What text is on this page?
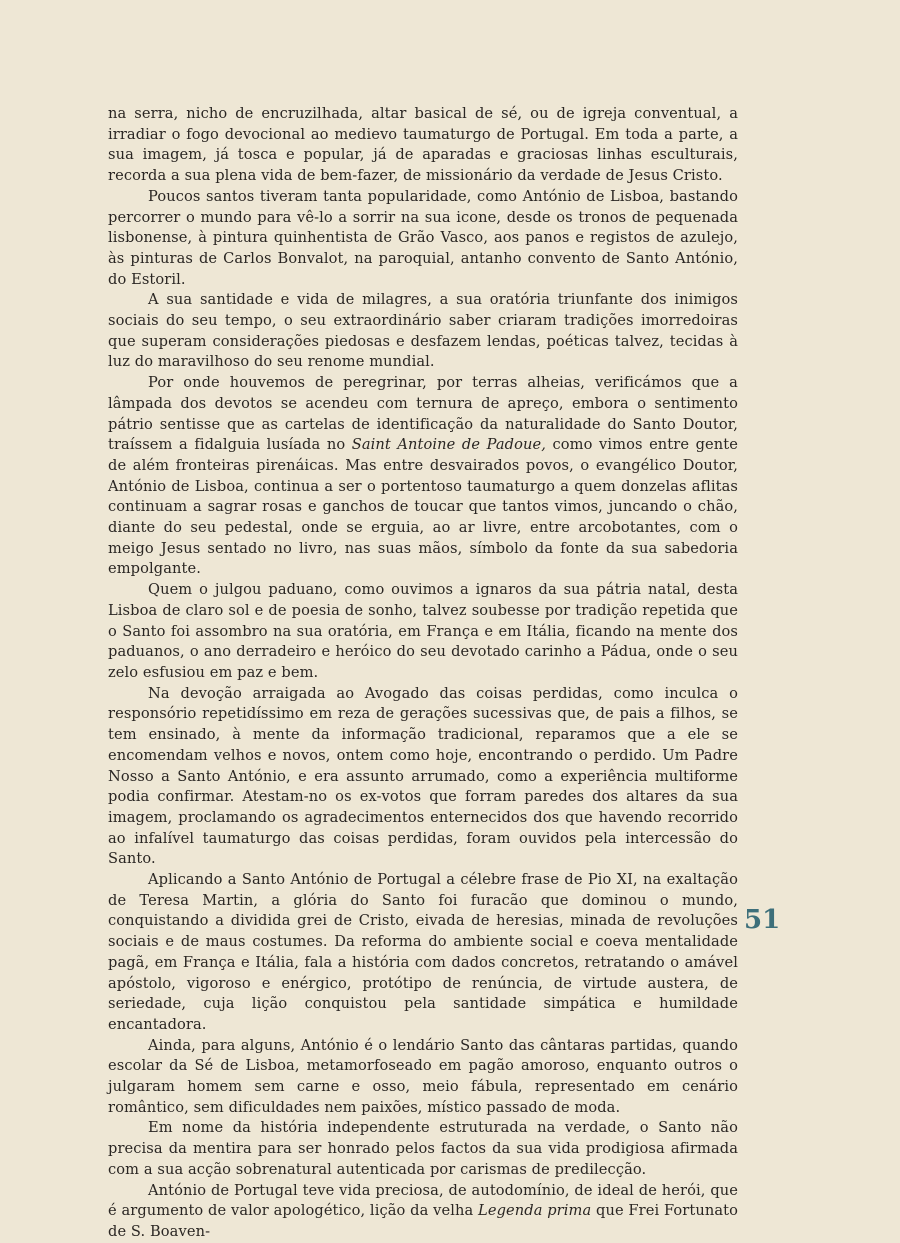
na serra, nicho de encruzilhada, altar basical de sé, ou de igreja conventual, a irradiar o fogo devocional ao medievo taumaturgo de Portugal. Em toda a parte, a sua imagem, já tosca e popular, já de aparadas e graciosas linhas esculturais, recorda a sua plena vida de bem-fazer, de missionário da verdade de Jesus Cristo.

Poucos santos tiveram tanta popularidade, como António de Lisboa, bastando percorrer o mundo para vê-lo a sorrir na sua icone, desde os tronos de pequenada lisbonense, à pintura quinhentista de Grão Vasco, aos panos e registos de azulejo, às pinturas de Carlos Bonvalot, na paroquial, antanho convento de Santo António, do Estoril.

A sua santidade e vida de milagres, a sua oratória triunfante dos inimigos sociais do seu tempo, o seu extraordinário saber criaram tradições imorredoiras que superam considerações piedosas e desfazem lendas, poéticas talvez, tecidas à luz do maravilhoso do seu renome mundial.

Por onde houvemos de peregrinar, por terras alheias, verificámos que a lâmpada dos devotos se acendeu com ternura de apreço, embora o sentimento pátrio sentisse que as cartelas de identificação da naturalidade do Santo Doutor, traíssem a fidalguia lusíada no Saint Antoine de Padoue, como vimos entre gente de além fronteiras pirenáicas. Mas entre desvairados povos, o evangélico Doutor, António de Lisboa, continua a ser o portentoso taumaturgo a quem donzelas aflitas continuam a sagrar rosas e ganchos de toucar que tantos vimos, juncando o chão, diante do seu pedestal, onde se erguia, ao ar livre, entre arcobotantes, com o meigo Jesus sentado no livro, nas suas mãos, símbolo da fonte da sua sabedoria empolgante.

Quem o julgou paduano, como ouvimos a ignaros da sua pátria natal, desta Lisboa de claro sol e de poesia de sonho, talvez soubesse por tradição repetida que o Santo foi assombro na sua oratória, em França e em Itália, ficando na mente dos paduanos, o ano derradeiro e heróico do seu devotado carinho a Pádua, onde o seu zelo esfusiou em paz e bem.

Na devoção arraigada ao Avogado das coisas perdidas, como inculca o responsório repetidíssimo em reza de gerações sucessivas que, de pais a filhos, se tem ensinado, à mente da informação tradicional, reparamos que a ele se encomendam velhos e novos, ontem como hoje, encontrando o perdido. Um Padre Nosso a Santo António, e era assunto arrumado, como a experiência multiforme podia confirmar. Atestam-no os ex-votos que forram paredes dos altares da sua imagem, proclamando os agradecimentos enternecidos dos que havendo recorrido ao infalível taumaturgo das coisas perdidas, foram ouvidos pela intercessão do Santo.

Aplicando a Santo António de Portugal a célebre frase de Pio XI, na exaltação de Teresa Martin, a glória do Santo foi furacão que dominou o mundo, conquistando a dividida grei de Cristo, eivada de heresias, minada de revoluções sociais e de maus costumes. Da reforma do ambiente social e coeva mentalidade pagã, em França e Itália, fala a história com dados concretos, retratando o amável apóstolo, vigoroso e enérgico, protótipo de renúncia, de virtude austera, de seriedade, cuja lição conquistou pela santidade simpática e humildade encantadora.

Ainda, para alguns, António é o lendário Santo das cântaras partidas, quando escolar da Sé de Lisboa, metamorfoseado em pagão amoroso, enquanto outros o julgaram homem sem carne e osso, meio fábula, representado em cenário romântico, sem dificuldades nem paixões, místico passado de moda.

Em nome da história independente estruturada na verdade, o Santo não precisa da mentira para ser honrado pelos factos da sua vida prodigiosa afirmada com a sua acção sobrenatural autenticada por carismas de predilecção.

António de Portugal teve vida preciosa, de autodomínio, de ideal de herói, que é argumento de valor apologético, lição da velha Legenda prima que Frei Fortunato de S. Boaven-

51
